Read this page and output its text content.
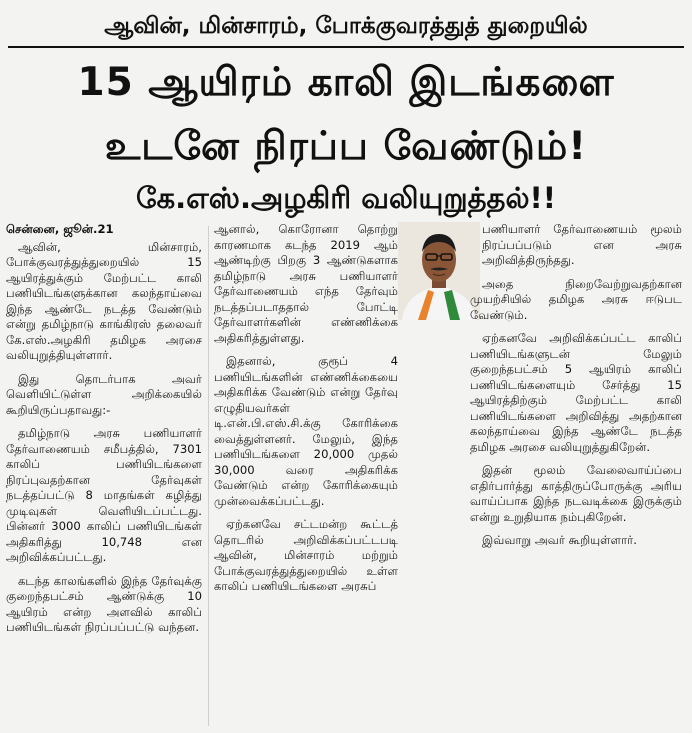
ஆவின், மின்சாரம், போக்குவரத்துத் துறையில்
15 ஆயிரம் காலி இடங்களை
உடனே நிரப்ப வேண்டும்!
கே.எஸ்.அழகிரி வலியுறுத்தல்!!

சென்னை, ஜூன்.21

ஆவின், மின்சாரம், போக்குவரத்துத்துறையில் 15 ஆயிரத்துக்கும் மேற்பட்ட காலி பணியிடங்களுக்கான கலந்தாய்வை இந்த ஆண்டே நடத்த வேண்டும் என்று தமிழ்நாடு காங்கிரஸ் தலைவர் கே.எஸ்.அழகிரி தமிழக அரசை வலியுறுத்தியுள்ளார்.

இது தொடர்பாக அவர் வெளியிட்டுள்ள அறிக்கையில் கூறியிருப்பதாவது:-

தமிழ்நாடு அரசு பணியாளர் தேர்வாணையம் சமீபத்தில், 7301 காலிப் பணியிடங்களை நிரப்புவதற்கான தேர்வுகள் நடத்தப்பட்டு 8 மாதங்கள் கழித்து முடிவுகள் வெளியிடப்பட்டது. பின்னர் 3000 காலிப் பணியிடங்கள் அதிகரித்து 10,748 என அறிவிக்கப்பட்டது.

கடந்த காலங்களில் இந்த தேர்வுக்கு குறைந்தபட்சம் ஆண்டுக்கு 10 ஆயிரம் என்ற அளவில் காலிப் பணியிடங்கள் நிரப்பப்பட்டு வந்தன.

ஆனால், கொரோனா தொற்று காரணமாக கடந்த 2019 ஆம் ஆண்டிற்கு பிறகு 3 ஆண்டுகளாக தமிழ்நாடு அரசு பணியாளர் தேர்வாணையம் எந்த தேர்வும் நடத்தப்படாததால் போட்டி தேர்வாளர்களின் எண்ணிக்கை அதிகரித்துள்ளது.

இதனால், குரூப் 4 பணியிடங்களின் எண்ணிக்கையை அதிகரிக்க வேண்டும் என்று தேர்வு எழுதியவர்கள் டி.என்.பி.எஸ்.சி.க்கு கோரிக்கை வைத்துள்ளனர். மேலும், இந்த பணியிடங்களை 20,000 முதல் 30,000 வரை அதிகரிக்க வேண்டும் என்ற கோரிக்கையும் முன்வைக்கப்பட்டது.

ஏற்கனவே சட்டமன்ற கூட்டத் தொடரில் அறிவிக்கப்பட்டபடி ஆவின், மின்சாரம் மற்றும் போக்குவரத்துத்துறையில் உள்ள காலிப் பணியிடங்களை அரசுப்

பணியாளர் தேர்வாணையம் மூலம் நிரப்பப்படும் என அரசு அறிவித்திருந்தது.

அதை நிறைவேற்றுவதற்கான முயற்சியில் தமிழக அரசு ஈடுபட வேண்டும்.

ஏற்கனவே அறிவிக்கப்பட்ட காலிப் பணியிடங்களுடன் மேலும் குறைந்தபட்சம் 5 ஆயிரம் காலிப் பணியிடங்களையும் சேர்த்து 15 ஆயிரத்திற்கும் மேற்பட்ட காலி பணியிடங்களை அறிவித்து அதற்கான கலந்தாய்வை இந்த ஆண்டே நடத்த தமிழக அரசை வலியுறுத்துகிறேன்.

இதன் மூலம் வேலைவாய்ப்பை எதிர்பார்த்து காத்திருப்போருக்கு அரிய வாய்ப்பாக இந்த நடவடிக்கை இருக்கும் என்று உறுதியாக நம்புகிறேன்.

இவ்வாறு அவர் கூறியுள்ளார்.
